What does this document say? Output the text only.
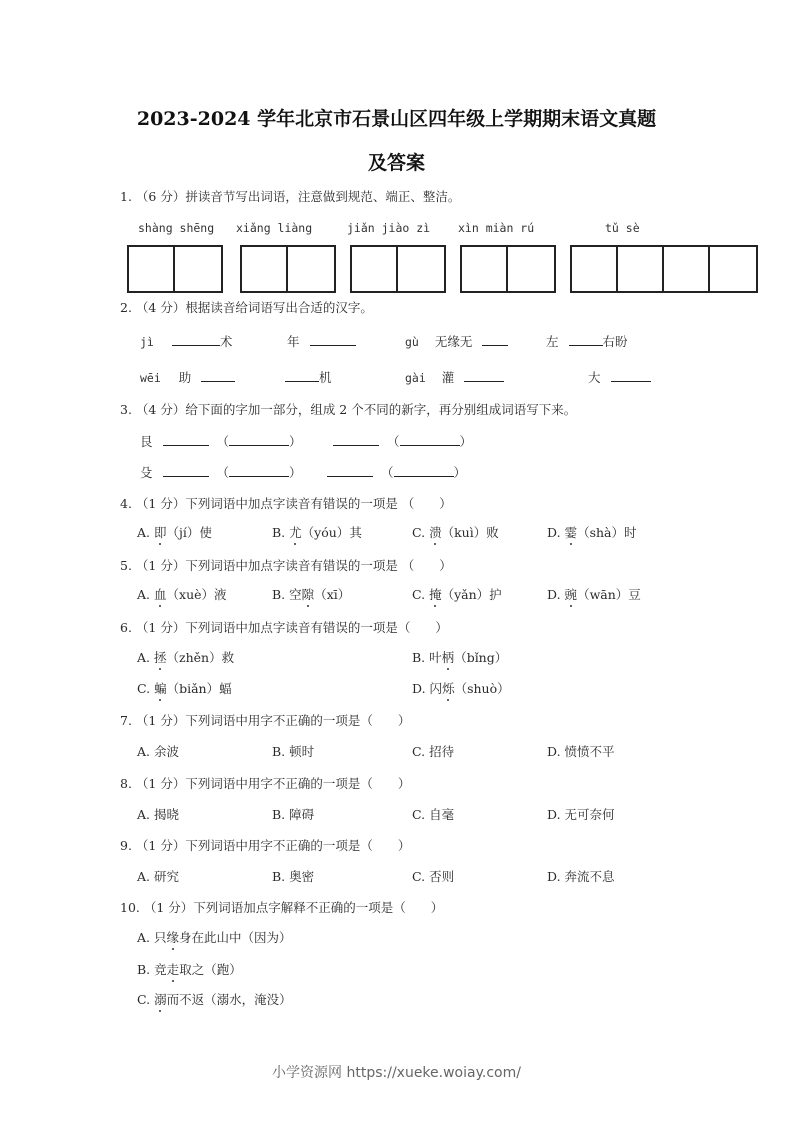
2023-2024 学年北京市石景山区四年级上学期期末语文真题
及答案
1. （6 分）拼读音节写出词语，注意做到规范、端正、整洁。
shàng shēng xiǎng liàng	jiǎn jiào zì xìn miàn rú	tǔ sè
2. （4 分）根据读音给词语写出合适的汉字。
jì	术	年	gù 无缘无	左	右盼
wēi 助	机	gài 灌	大
3. （4 分）给下面的字加一部分，组成 2 个不同的新字，再分别组成词语写下来。
艮	（	）	（	）
殳	（	）	（	）
4. （1 分）下列词语中加点字读音有错误的一项是 （　　）
A. 即（jí）使	B. 尤（yóu）其	C. 溃（kuì）败	D. 霎（shà）时
5. （1 分）下列词语中加点字读音有错误的一项是 （　　）
A. 血（xuè）液	B. 空隙（xī）	C. 掩（yǎn）护	D. 豌（wān）豆
6. （1 分）下列词语中加点字读音有错误的一项是（　　）
A. 拯（zhěn）救	B. 叶柄（bǐng）
C. 蝙（biǎn）蝠	D. 闪烁（shuò）
7. （1 分）下列词语中用字不正确的一项是（　　）
A. 余波	B. 顿时	C. 招待	D. 愤愤不平
8. （1 分）下列词语中用字不正确的一项是（　　）
A. 揭晓	B. 障碍	C. 自毫	D. 无可奈何
9. （1 分）下列词语中用字不正确的一项是（　　）
A. 研究	B. 奥密	C. 否则	D. 奔流不息
10. （1 分）下列词语加点字解释不正确的一项是（　　）
A. 只缘身在此山中（因为）
B. 竞走取之（跑）
C. 溺而不返（溺水，淹没）
小学资源网 https://xueke.woiay.com/
